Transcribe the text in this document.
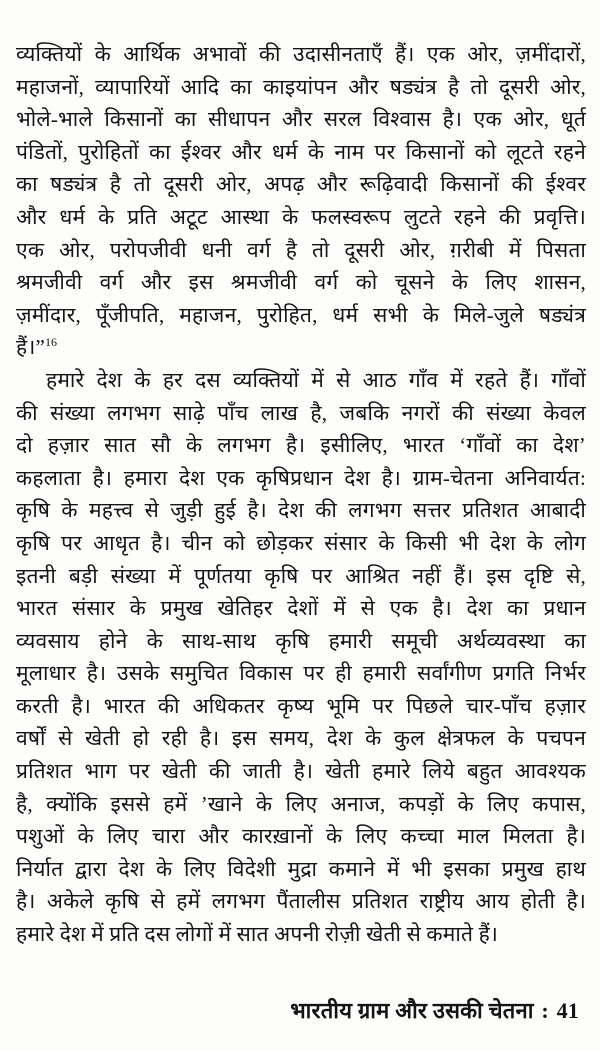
व्यक्तियों के आर्थिक अभावों की उदासीनताएँ हैं। एक ओर, ज़मींदारों,
महाजनों, व्यापारियों आदि का काइयांपन और षड्यंत्र है तो दूसरी ओर,
भोले-भाले किसानों का सीधापन और सरल विश्वास है। एक ओर, धूर्त
पंडितों, पुरोहितों का ईश्वर और धर्म के नाम पर किसानों को लूटते रहने
का षड्यंत्र है तो दूसरी ओर, अपढ़ और रूढ़िवादी किसानों की ईश्वर
और धर्म के प्रति अटूट आस्था के फलस्वरूप लुटते रहने की प्रवृत्ति।
एक ओर, परोपजीवी धनी वर्ग है तो दूसरी ओर, ग़रीबी में पिसता
श्रमजीवी वर्ग और इस श्रमजीवी वर्ग को चूसने के लिए शासन,
ज़मींदार, पूँजीपति, महाजन, पुरोहित, धर्म सभी के मिले-जुले षड्यंत्र
हैं।”$^{16}$
हमारे देश के हर दस व्यक्तियों में से आठ गाँव में रहते हैं। गाँवों
की संख्या लगभग साढ़े पाँच लाख है, जबकि नगरों की संख्या केवल
दो हज़ार सात सौ के लगभग है। इसीलिए, भारत ‘गाँवों का देश’
कहलाता है। हमारा देश एक कृषिप्रधान देश है। ग्राम-चेतना अनिवार्यत:
कृषि के महत्त्व से जुड़ी हुई है। देश की लगभग सत्तर प्रतिशत आबादी
कृषि पर आधृत है। चीन को छोड़कर संसार के किसी भी देश के लोग
इतनी बड़ी संख्या में पूर्णतया कृषि पर आश्रित नहीं हैं। इस दृष्टि से,
भारत संसार के प्रमुख खेतिहर देशों में से एक है। देश का प्रधान
व्यवसाय होने के साथ-साथ कृषि हमारी समूची अर्थव्यवस्था का
मूलाधार है। उसके समुचित विकास पर ही हमारी सर्वांगीण प्रगति निर्भर
करती है। भारत की अधिकतर कृष्य भूमि पर पिछले चार-पाँच हज़ार
वर्षों से खेती हो रही है। इस समय, देश के कुल क्षेत्रफल के पचपन
प्रतिशत भाग पर खेती की जाती है। खेती हमारे लिये बहुत आवश्यक
है, क्योंकि इससे हमें ’खाने के लिए अनाज, कपड़ों के लिए कपास,
पशुओं के लिए चारा और कारख़ानों के लिए कच्चा माल मिलता है।
निर्यात द्वारा देश के लिए विदेशी मुद्रा कमाने में भी इसका प्रमुख हाथ
है। अकेले कृषि से हमें लगभग पैंतालीस प्रतिशत राष्ट्रीय आय होती है।
हमारे देश में प्रति दस लोगों में सात अपनी रोज़ी खेती से कमाते हैं।
भारतीय ग्राम और उसकी चेतना : 41
